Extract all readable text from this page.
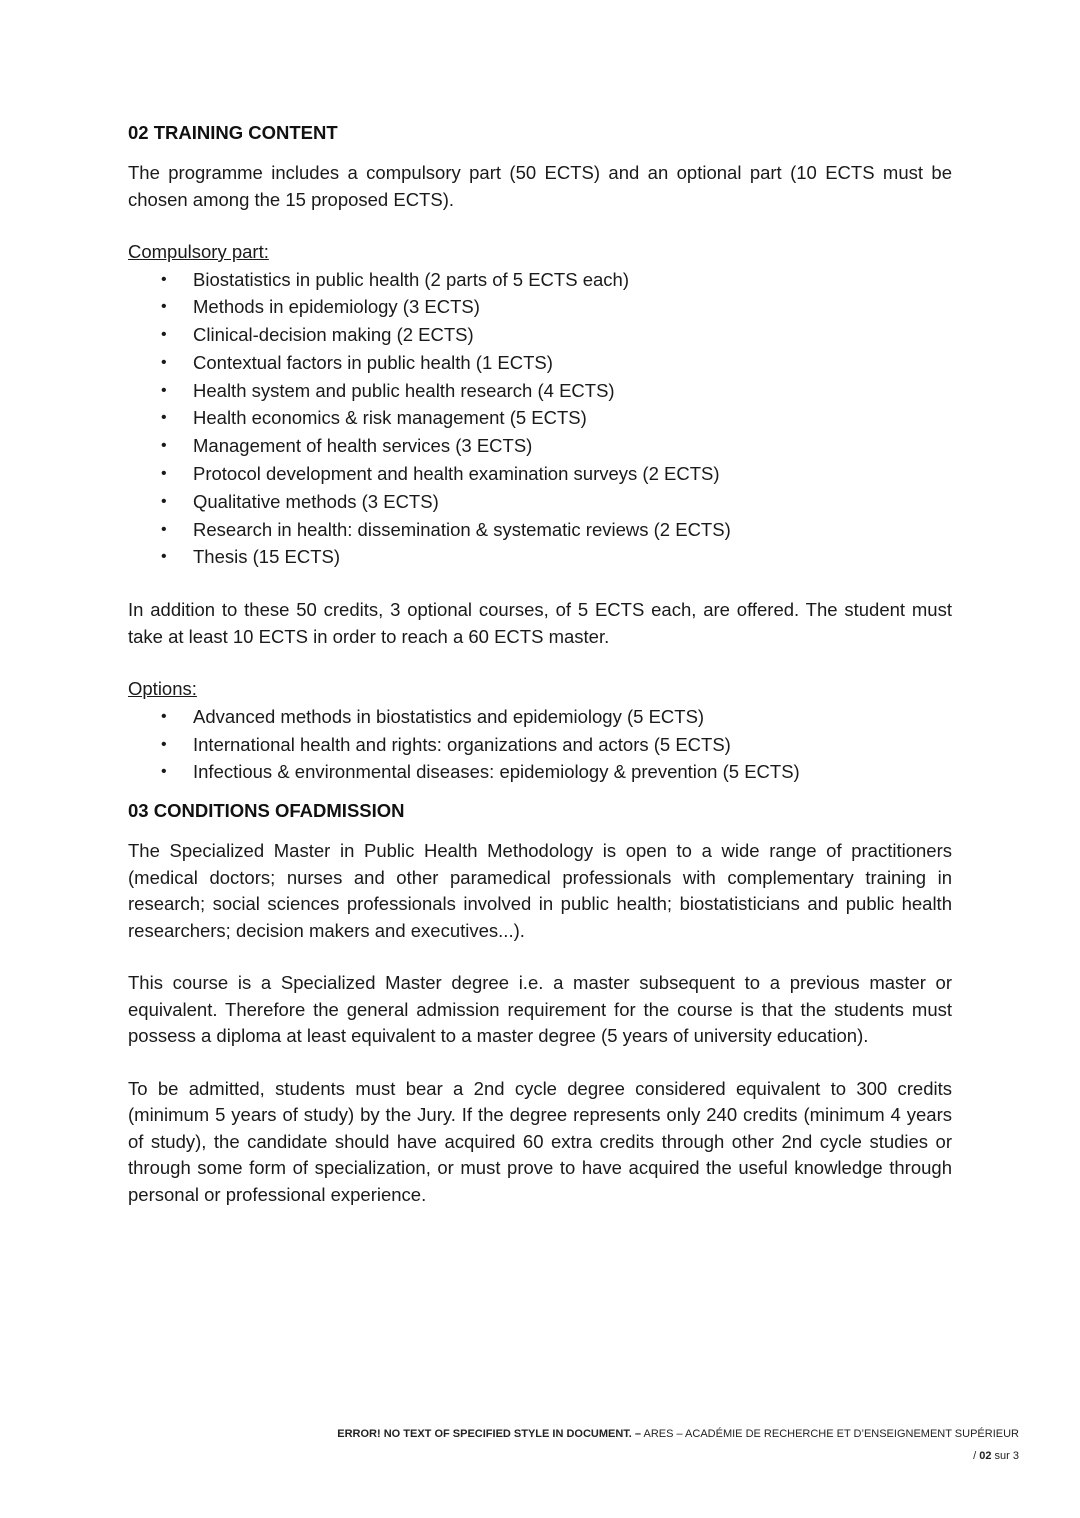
02 TRAINING CONTENT

The programme includes a compulsory part (50 ECTS) and an optional part (10 ECTS must be chosen among the 15 proposed ECTS).

Compulsory part:

• Biostatistics in public health (2 parts of 5 ECTS each)
• Methods in epidemiology (3 ECTS)
• Clinical-decision making (2 ECTS)
• Contextual factors in public health (1 ECTS)
• Health system and public health research (4 ECTS)
• Health economics & risk management (5 ECTS)
• Management of health services (3 ECTS)
• Protocol development and health examination surveys (2 ECTS)
• Qualitative methods (3 ECTS)
• Research in health: dissemination & systematic reviews (2 ECTS)
• Thesis (15 ECTS)

In addition to these 50 credits, 3 optional courses, of 5 ECTS each, are offered. The student must take at least 10 ECTS in order to reach a 60 ECTS master.

Options:

• Advanced methods in biostatistics and epidemiology (5 ECTS)
• International health and rights: organizations and actors (5 ECTS)
• Infectious & environmental diseases: epidemiology & prevention (5 ECTS)
03 CONDITIONS OFADMISSION

The Specialized Master in Public Health Methodology is open to a wide range of practitioners (medical doctors; nurses and other paramedical professionals with complementary training in research; social sciences professionals involved in public health; biostatisticians and public health researchers; decision makers and executives...).

This course is a Specialized Master degree i.e. a master subsequent to a previous master or equivalent. Therefore the general admission requirement for the course is that the students must possess a diploma at least equivalent to a master degree (5 years of university education).

To be admitted, students must bear a 2nd cycle degree considered equivalent to 300 credits (minimum 5 years of study) by the Jury. If the degree represents only 240 credits (minimum 4 years of study), the candidate should have acquired 60 extra credits through other 2nd cycle studies or through some form of specialization, or must prove to have acquired the useful knowledge through personal or professional experience.

ERROR! NO TEXT OF SPECIFIED STYLE IN DOCUMENT. – ARES – ACADÉMIE DE RECHERCHE ET D’ENSEIGNEMENT SUPÉRIEUR
/ 02 sur 3
